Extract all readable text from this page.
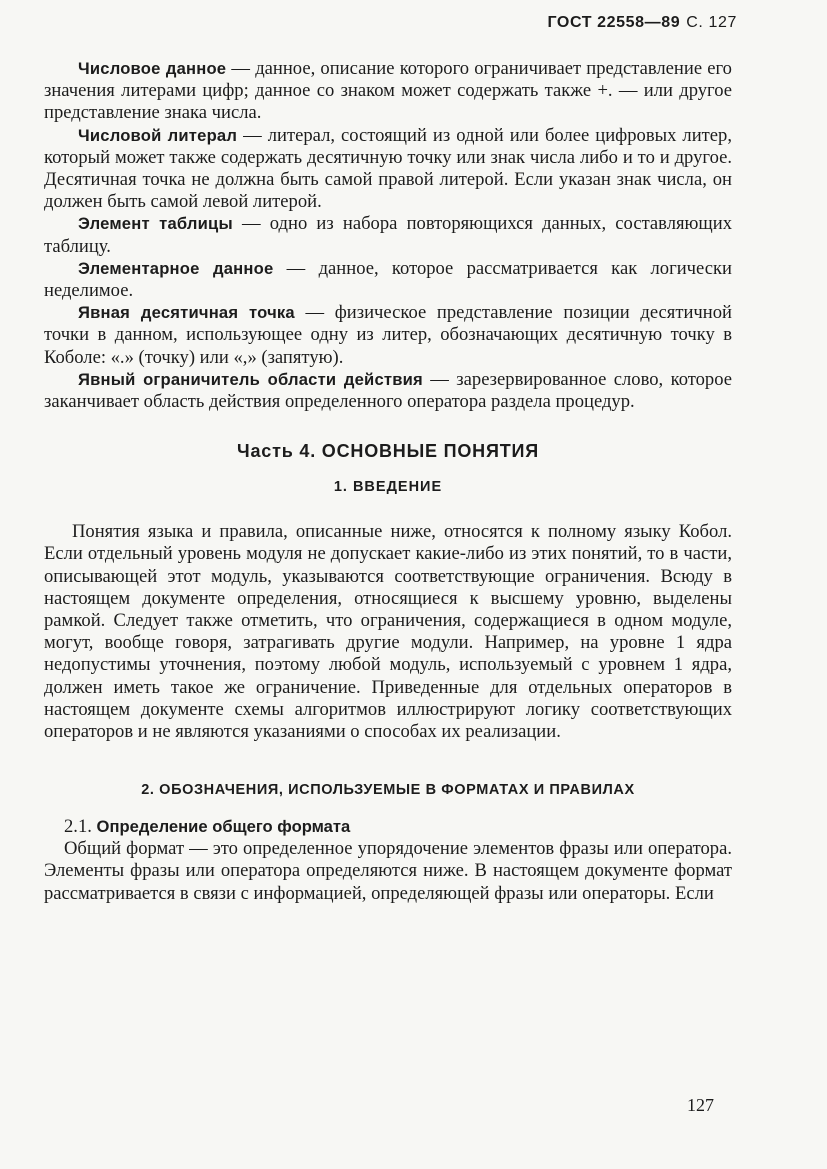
ГОСТ 22558—89 С. 127

Числовое данное — данное, описание которого ограничивает представление его значения литерами цифр; данное со знаком может содержать также +. — или другое представление знака числа.

Числовой литерал — литерал, состоящий из одной или более цифровых литер, который может также содержать десятичную точку или знак числа либо и то и другое. Десятичная точка не должна быть самой правой литерой. Если указан знак числа, он должен быть самой левой литерой.

Элемент таблицы — одно из набора повторяющихся данных, составляющих таблицу.

Элементарное данное — данное, которое рассматривается как логически неделимое.

Явная десятичная точка — физическое представление позиции десятичной точки в данном, использующее одну из литер, обозначающих десятичную точку в Коболе: «.» (точку) или «,» (запятую).

Явный ограничитель области действия — зарезервированное слово, которое заканчивает область действия определенного оператора раздела процедур.

Часть 4. ОСНОВНЫЕ ПОНЯТИЯ
1. ВВЕДЕНИЕ

Понятия языка и правила, описанные ниже, относятся к полному языку Кобол. Если отдельный уровень модуля не допускает какие-либо из этих понятий, то в части, описывающей этот модуль, указываются соответствующие ограничения. Всюду в настоящем документе определения, относящиеся к высшему уровню, выделены рамкой. Следует также отметить, что ограничения, содержащиеся в одном модуле, могут, вообще говоря, затрагивать другие модули. Например, на уровне 1 ядра недопустимы уточнения, поэтому любой модуль, используемый с уровнем 1 ядра, должен иметь такое же ограничение. Приведенные для отдельных операторов в настоящем документе схемы алгоритмов иллюстрируют логику соответствующих операторов и не являются указаниями о способах их реализации.

2. ОБОЗНАЧЕНИЯ, ИСПОЛЬЗУЕМЫЕ В ФОРМАТАХ И ПРАВИЛАХ
2.1. Определение общего формата

Общий формат — это определенное упорядочение элементов фразы или оператора. Элементы фразы или оператора определяются ниже. В настоящем документе формат рассматривается в связи с информацией, определяющей фразы или операторы. Если

127
